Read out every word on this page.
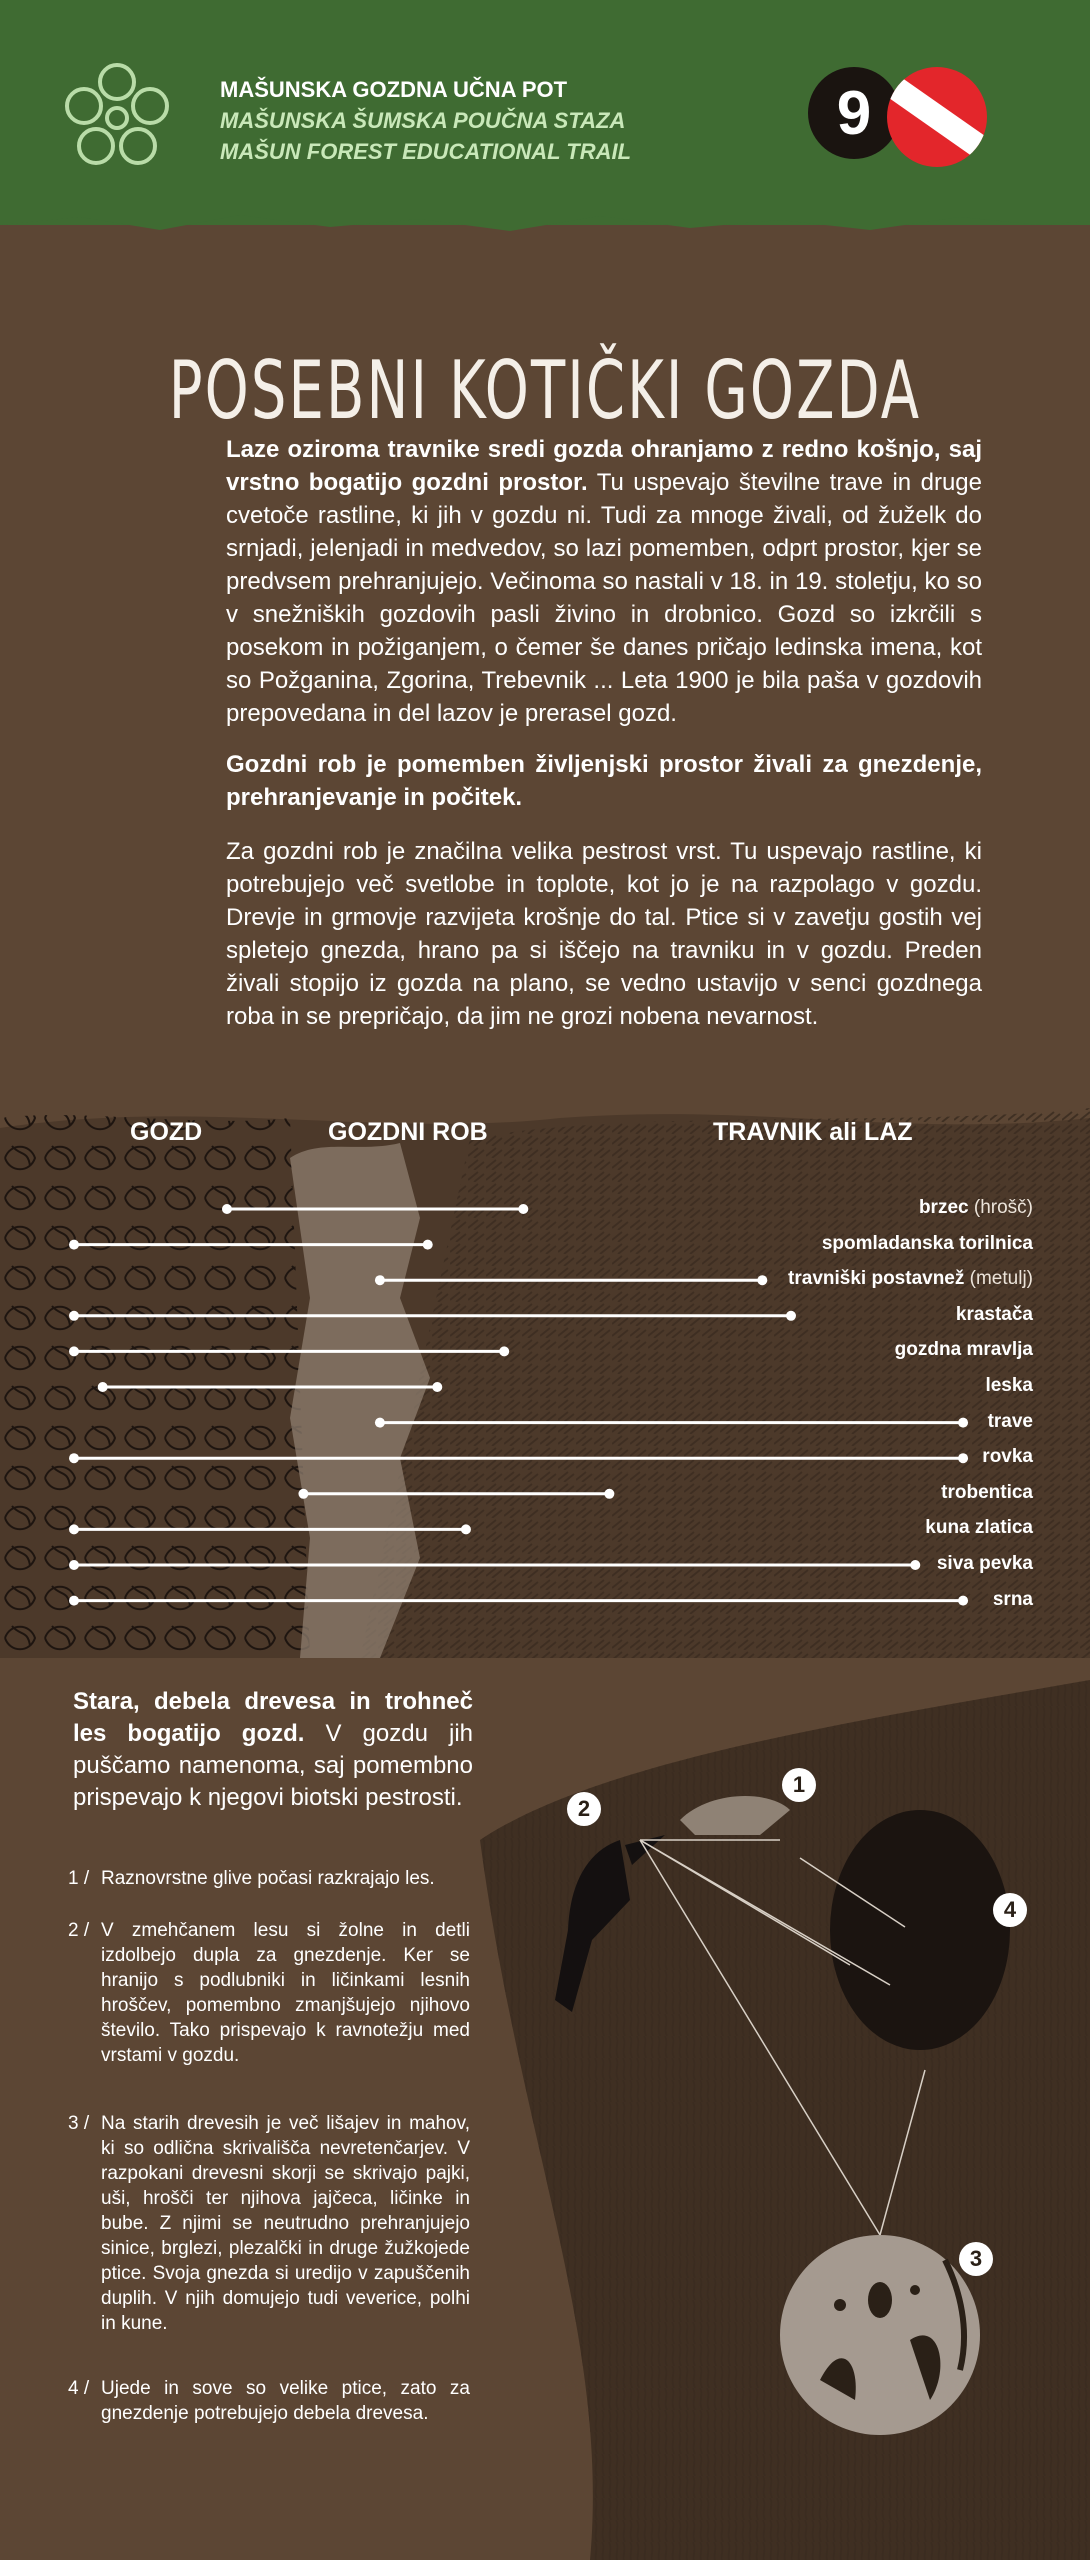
MAŠUNSKA GOZDNA UČNA POT
MAŠUNSKA ŠUMSKA POUČNA STAZA
MAŠUN FOREST EDUCATIONAL TRAIL
9
POSEBNI KOTIČKI GOZDA

Laze oziroma travnike sredi gozda ohranjamo z redno košnjo, saj vrstno bogatijo gozdni prostor. Tu uspevajo številne trave in druge cvetoče rastline, ki jih v gozdu ni. Tudi za mnoge živali, od žuželk do srnjadi, jelenjadi in medvedov, so lazi pomemben, odprt prostor, kjer se predvsem prehranjujejo. Večinoma so nastali v 18. in 19. stoletju, ko so v snežniških gozdovih pasli živino in drobnico. Gozd so izkrčili s posekom in požiganjem, o čemer še danes pričajo ledinska imena, kot so Požganina, Zgorina, Trebevnik ... Leta 1900 je bila paša v gozdovih prepovedana in del lazov je prerasel gozd.

Gozdni rob je pomemben življenjski prostor živali za gnezdenje, prehranjevanje in počitek.

Za gozdni rob je značilna velika pestrost vrst. Tu uspevajo rastline, ki potrebujejo več svetlobe in toplote, kot jo je na razpolago v gozdu. Drevje in grmovje razvijeta krošnje do tal. Ptice si v zavetju gostih vej spletejo gnezda, hrano pa si iščejo na travniku in v gozdu. Preden živali stopijo iz gozda na plano, se vedno ustavijo v senci gozdnega roba in se prepričajo, da jim ne grozi nobena nevarnost.

GOZD	GOZDNI ROB	TRAVNIK ali LAZ
brzec (hrošč)
spomladanska torilnica
travniški postavnež (metulj)
krastača
gozdna mravlja
leska
trave
rovka
trobentica
kuna zlatica
siva pevka
srna

Stara, debela drevesa in trohneč les bogatijo gozd. V gozdu jih puščamo namenoma, saj pomembno prispevajo k njegovi biotski pestrosti.

1 / Raznovrstne glive počasi razkrajajo les.
2 / V zmehčanem lesu si žolne in detli izdolbejo dupla za gnezdenje. Ker se hranijo s podlubniki in ličinkami lesnih hroščev, pomembno zmanjšujejo njihovo število. Tako prispevajo k ravnotežju med vrstami v gozdu.
3 / Na starih drevesih je več lišajev in mahov, ki so odlična skrivališča nevretenčarjev. V razpokani drevesni skorji se skrivajo pajki, uši, hrošči ter njihova jajčeca, ličinke in bube. Z njimi se neutrudno prehranjujejo sinice, brglezi, plezalčki in druge žužkojede ptice. Svoja gnezda si uredijo v zapuščenih duplih. V njih domujejo tudi veverice, polhi in kune.
4 / Ujede in sove so velike ptice, zato za gnezdenje potrebujejo debela drevesa.
1
2
3
4
